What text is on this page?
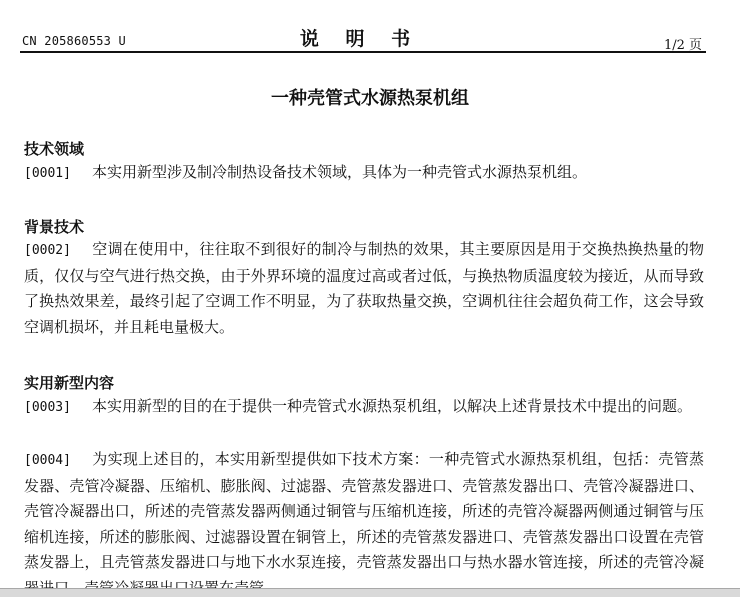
CN 205860553 U	说 明 书	1/2 页
一种壳管式水源热泵机组
技术领域
[0001] 本实用新型涉及制冷制热设备技术领域，具体为一种壳管式水源热泵机组。
背景技术
[0002] 空调在使用中，往往取不到很好的制冷与制热的效果，其主要原因是用于交换热换热量的物质，仅仅与空气进行热交换，由于外界环境的温度过高或者过低，与换热物质温度较为接近，从而导致了换热效果差，最终引起了空调工作不明显，为了获取热量交换，空调机往往会超负荷工作，这会导致空调机损坏，并且耗电量极大。
实用新型内容
[0003] 本实用新型的目的在于提供一种壳管式水源热泵机组，以解决上述背景技术中提出的问题。
[0004] 为实现上述目的，本实用新型提供如下技术方案：一种壳管式水源热泵机组，包括：壳管蒸发器、壳管冷凝器、压缩机、膨胀阀、过滤器、壳管蒸发器进口、壳管蒸发器出口、壳管冷凝器进口、壳管冷凝器出口，所述的壳管蒸发器两侧通过铜管与压缩机连接，所述的壳管冷凝器两侧通过铜管与压缩机连接，所述的膨胀阀、过滤器设置在铜管上，所述的壳管蒸发器进口、壳管蒸发器出口设置在壳管蒸发器上，且壳管蒸发器进口与地下水水泵连接，壳管蒸发器出口与热水器水管连接，所述的壳管冷凝
